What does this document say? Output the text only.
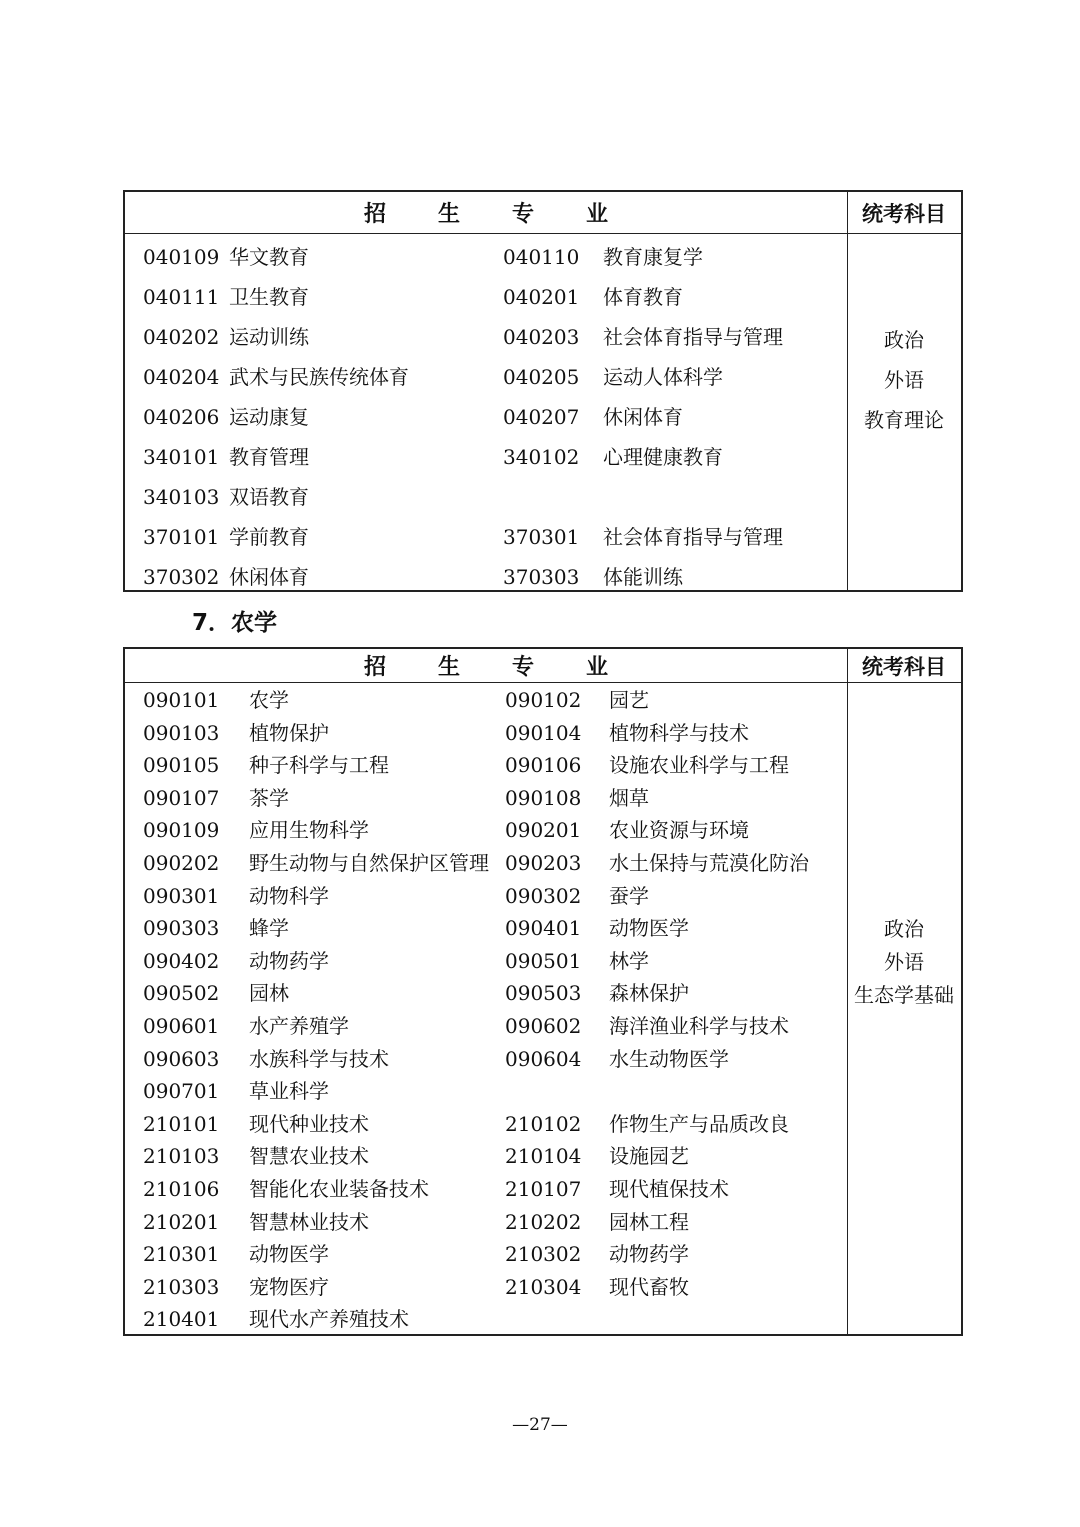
招 生 专 业	统考科目
040109 华文教育	040110 教育康复学
040111 卫生教育	040201 体育教育
040202 运动训练	040203 社会体育指导与管理
040204 武术与民族传统体育	040205 运动人体科学
040206 运动康复	040207 休闲体育
340101 教育管理	340102 心理健康教育
340103 双语教育
370101 学前教育	370301 社会体育指导与管理
370302 休闲体育	370303 体能训练
政治
外语
教育理论
7．农学
招 生 专 业	统考科目
090101 农学	090102 园艺
090103 植物保护	090104 植物科学与技术
090105 种子科学与工程	090106 设施农业科学与工程
090107 茶学	090108 烟草
090109 应用生物科学	090201 农业资源与环境
090202 野生动物与自然保护区管理 090203 水土保持与荒漠化防治
090301 动物科学	090302 蚕学
090303 蜂学	090401 动物医学
090402 动物药学	090501 林学
090502 园林	090503 森林保护
090601 水产养殖学	090602 海洋渔业科学与技术
090603 水族科学与技术	090604 水生动物医学
090701 草业科学
210101 现代种业技术	210102 作物生产与品质改良
210103 智慧农业技术	210104 设施园艺
210106 智能化农业装备技术	210107 现代植保技术
210201 智慧林业技术	210202 园林工程
210301 动物医学	210302 动物药学
210303 宠物医疗	210304 现代畜牧
210401 现代水产养殖技术
政治
外语
生态学基础
—27—
